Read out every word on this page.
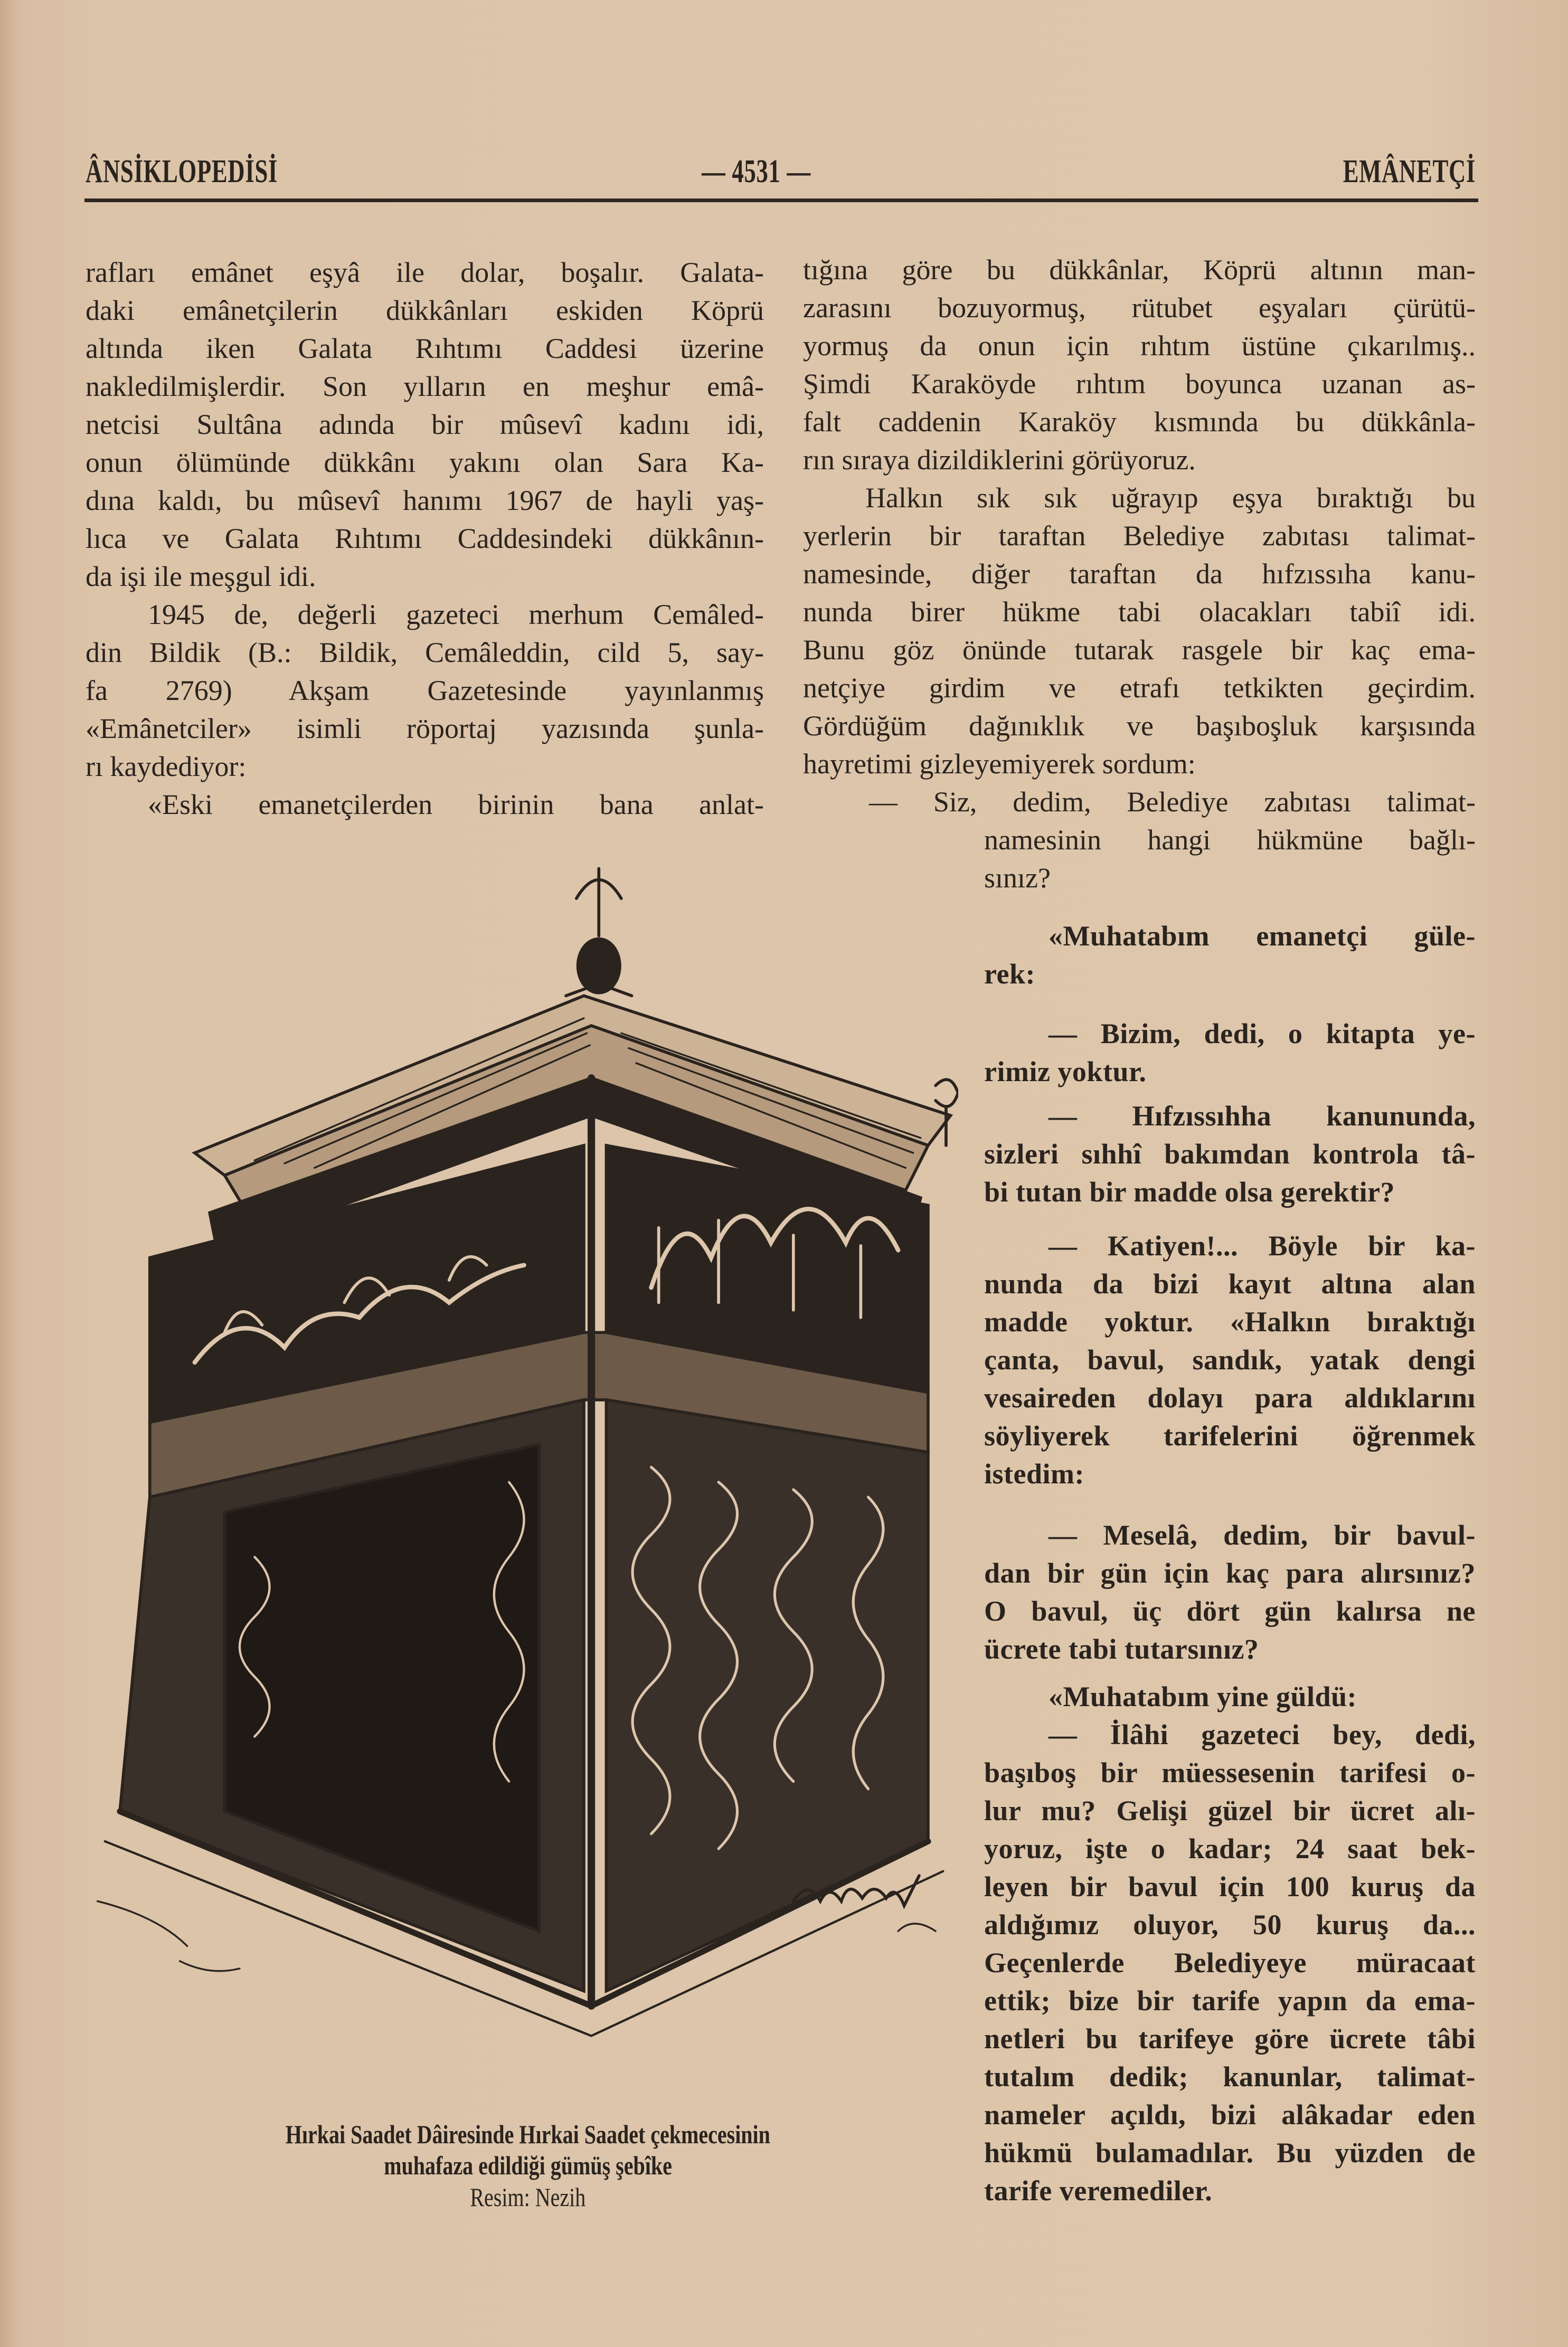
ÂNSİKLOPEDİSİ	— 4531 —	EMÂNETÇİ
rafları emânet eşyâ ile dolar, boşalır. Galata-
daki emânetçilerin dükkânları eskiden Köprü
altında iken Galata Rıhtımı Caddesi üzerine
nakledilmişlerdir. Son yılların en meşhur emâ-
netcisi Sultâna adında bir mûsevî kadını idi,
onun ölümünde dükkânı yakını olan Sara Ka-
dına kaldı, bu mûsevî hanımı 1967 de hayli yaş-
lıca ve Galata Rıhtımı Caddesindeki dükkânın-
da işi ile meşgul idi.
1945 de, değerli gazeteci merhum Cemâled-
din Bildik (B.: Bildik, Cemâleddin, cild 5, say-
fa 2769) Akşam Gazetesinde yayınlanmış
«Emânetciler» isimli röportaj yazısında şunla-
rı kaydediyor:
«Eski emanetçilerden birinin bana anlat-
tığına göre bu dükkânlar, Köprü altının man-
zarasını bozuyormuş, rütubet eşyaları çürütü-
yormuş da onun için rıhtım üstüne çıkarılmış..
Şimdi Karaköyde rıhtım boyunca uzanan as-
falt caddenin Karaköy kısmında bu dükkânla-
rın sıraya dizildiklerini görüyoruz.
Halkın sık sık uğrayıp eşya bıraktığı bu
yerlerin bir taraftan Belediye zabıtası talimat-
namesinde, diğer taraftan da hıfzıssıha kanu-
nunda birer hükme tabi olacakları tabiî idi.
Bunu göz önünde tutarak rasgele bir kaç ema-
netçiye girdim ve etrafı tetkikten geçirdim.
Gördüğüm dağınıklık ve başıboşluk karşısında
hayretimi gizleyemiyerek sordum:
— Siz, dedim, Belediye zabıtası talimat-
namesinin hangi hükmüne bağlı-
sınız?
«Muhatabım emanetçi güle-
rek:
— Bizim, dedi, o kitapta ye-
rimiz yoktur.
— Hıfzıssıhha kanununda,
sizleri sıhhî bakımdan kontrola tâ-
bi tutan bir madde olsa gerektir?
— Katiyen!... Böyle bir ka-
nunda da bizi kayıt altına alan
madde yoktur. «Halkın bıraktığı
çanta, bavul, sandık, yatak dengi
vesaireden dolayı para aldıklarını
söyliyerek tarifelerini öğrenmek
istedim:
— Meselâ, dedim, bir bavul-
dan bir gün için kaç para alırsınız?
O bavul, üç dört gün kalırsa ne
ücrete tabi tutarsınız?
«Muhatabım yine güldü:
— İlâhi gazeteci bey, dedi,
başıboş bir müessesenin tarifesi o-
lur mu? Gelişi güzel bir ücret alı-
yoruz, işte o kadar; 24 saat bek-
leyen bir bavul için 100 kuruş da
aldığımız oluyor, 50 kuruş da...
Geçenlerde Belediyeye müracaat
ettik; bize bir tarife yapın da ema-
netleri bu tarifeye göre ücrete tâbi
tutalım dedik; kanunlar, talimat-
nameler açıldı, bizi alâkadar eden
hükmü bulamadılar. Bu yüzden de
tarife veremediler.
Hırkai Saadet Dâiresinde Hırkai Saadet çekmecesinin
muhafaza edildiği gümüş şebîke
Resim: Nezih
